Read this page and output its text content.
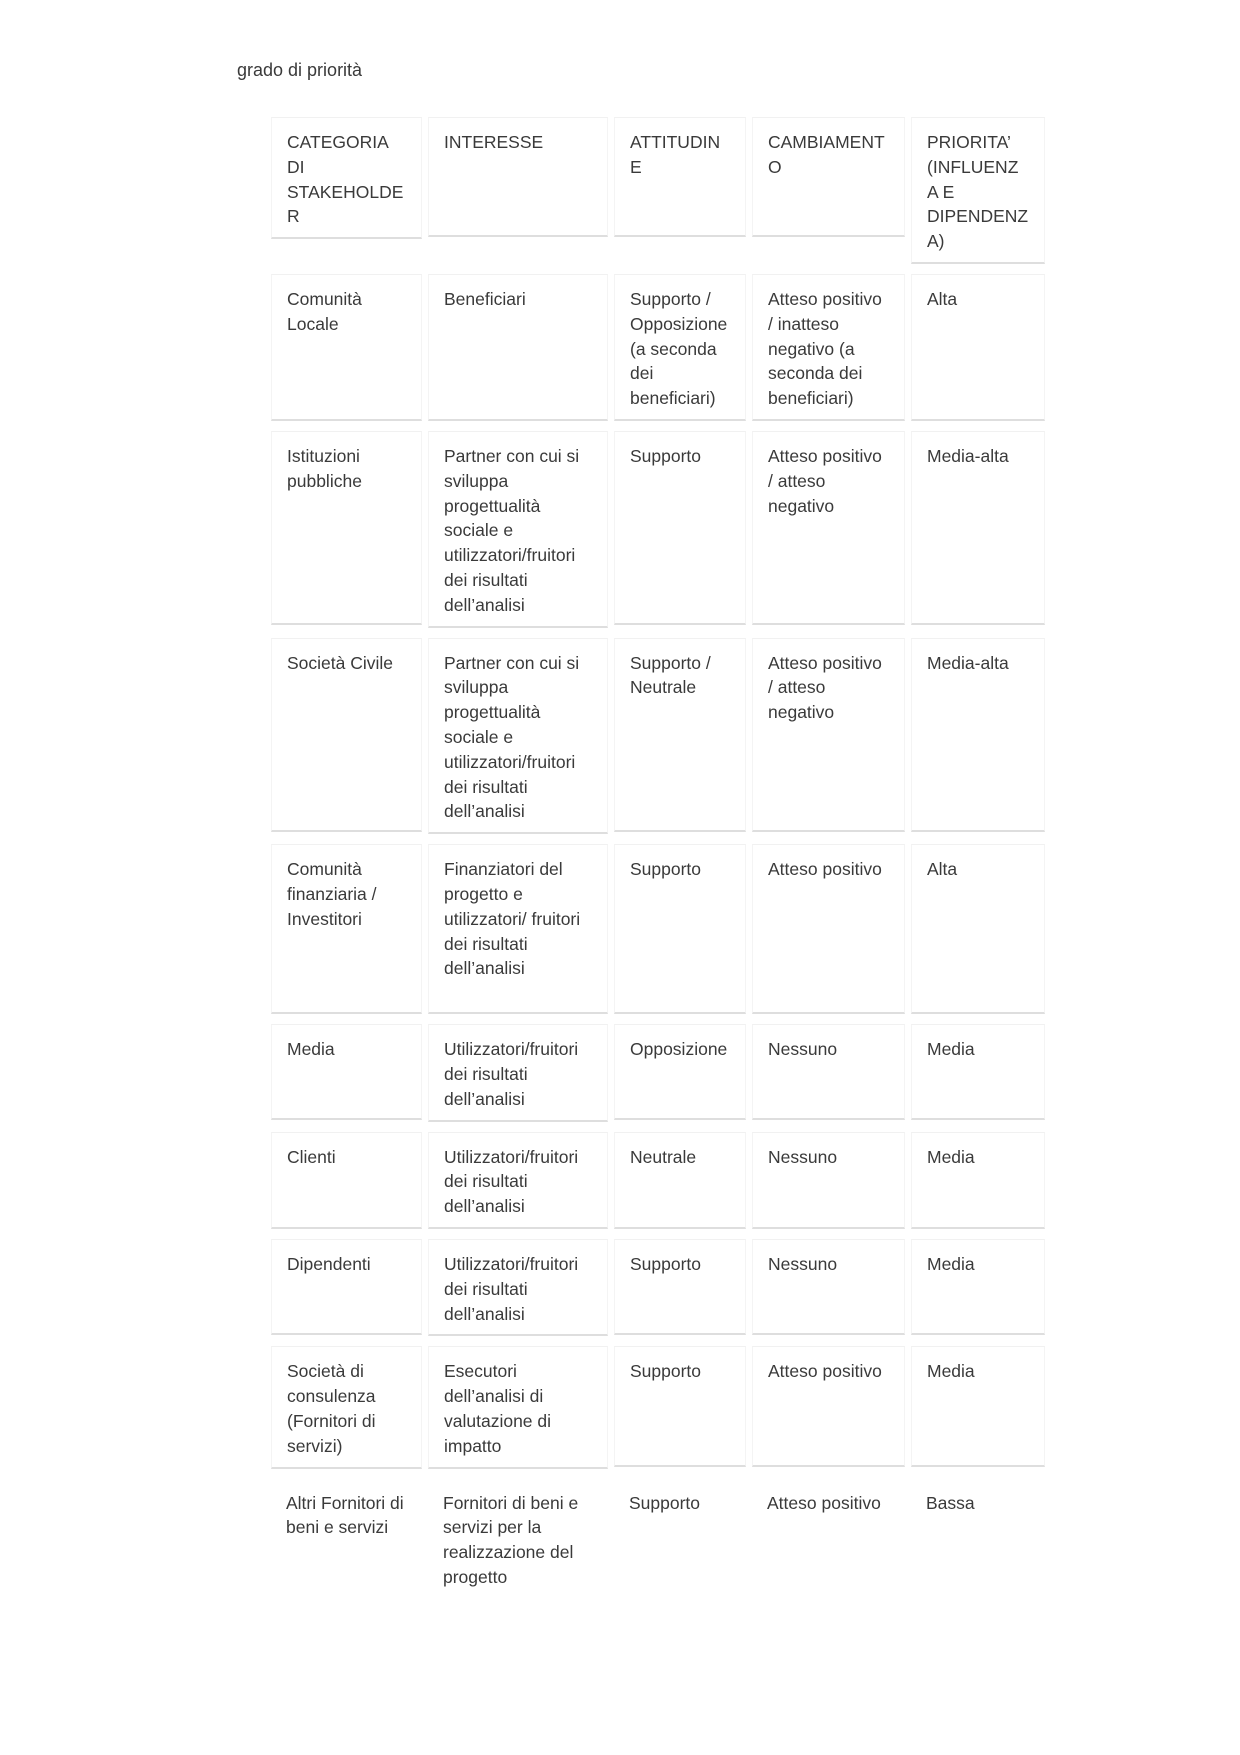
grado di priorità
CATEGORIA DI STAKEHOLDER	INTERESSE	ATTITUDINE	CAMBIAMENTO	PRIORITA’ (INFLUENZA E DIPENDENZA)

Comunità Locale	Beneficiari	Supporto / Opposizione (a seconda dei beneficiari)	Atteso positivo / inatteso negativo (a seconda dei beneficiari)	Alta

Istituzioni pubbliche	Partner con cui si sviluppa progettualità sociale e utilizzatori/fruitori dei risultati dell’analisi	Supporto	Atteso positivo / atteso negativo	Media-alta

Società Civile	Partner con cui si sviluppa progettualità sociale e utilizzatori/fruitori dei risultati dell’analisi	Supporto / Neutrale	Atteso positivo / atteso negativo	Media-alta

Comunità finanziaria / Investitori	Finanziatori del progetto e utilizzatori/ fruitori dei risultati dell’analisi	Supporto	Atteso positivo	Alta

Media	Utilizzatori/fruitori dei risultati dell’analisi	Opposizione	Nessuno	Media

Clienti	Utilizzatori/fruitori dei risultati dell’analisi	Neutrale	Nessuno	Media

Dipendenti	Utilizzatori/fruitori dei risultati dell’analisi	Supporto	Nessuno	Media

Società di consulenza (Fornitori di servizi)	Esecutori dell’analisi di valutazione di impatto	Supporto	Atteso positivo	Media

Altri Fornitori di beni e servizi	Fornitori di beni e servizi per la realizzazione del progetto	Supporto	Atteso positivo	Bassa
